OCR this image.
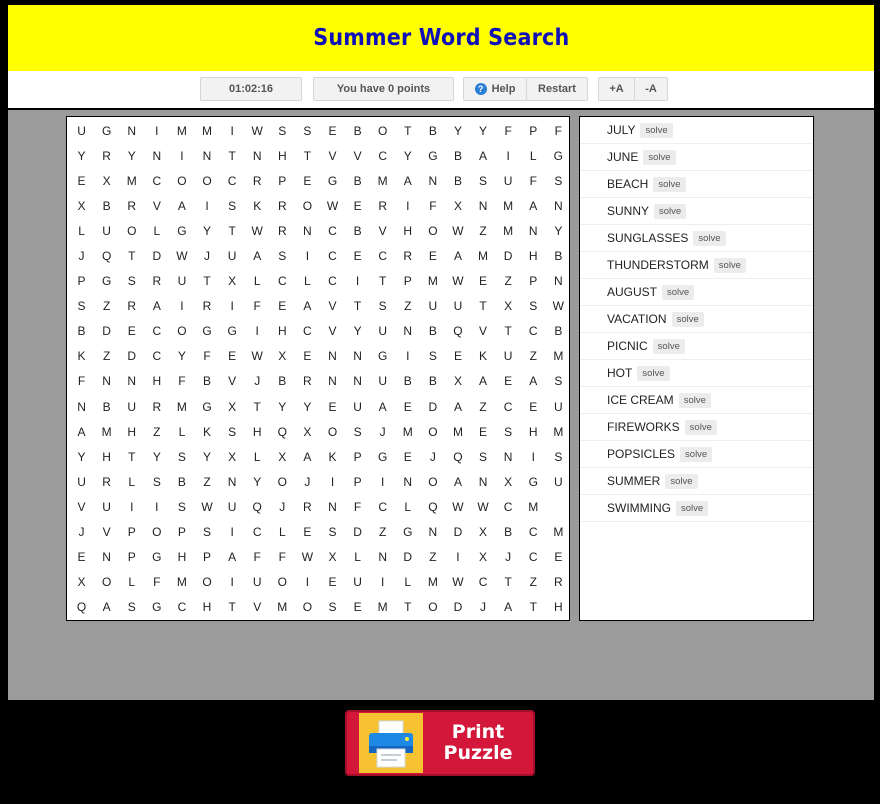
Summer Word Search
01:02:16	You have 0 points	? Help	Restart	+A	-A
U	G	N	I	M	M	I	W	S	S	E	B	O	T	B	Y	Y	F	P	F
Y	R	Y	N	I	N	T	N	H	T	V	V	C	Y	G	B	A	I	L	G
E	X	M	C	O	O	C	R	P	E	G	B	M	A	N	B	S	U	F	S
X	B	R	V	A	I	S	K	R	O	W	E	R	I	F	X	N	M	A	N
L	U	O	L	G	Y	T	W	R	N	C	B	V	H	O	W	Z	M	N	Y
J	Q	T	D	W	J	U	A	S	I	C	E	C	R	E	A	M	D	H	B
P	G	S	R	U	T	X	L	C	L	C	I	T	P	M	W	E	Z	P	N
S	Z	R	A	I	R	I	F	E	A	V	T	S	Z	U	U	T	X	S	W
B	D	E	C	O	G	G	I	H	C	V	Y	U	N	B	Q	V	T	C	B
K	Z	D	C	Y	F	E	W	X	E	N	N	G	I	S	E	K	U	Z	M
F	N	N	H	F	B	V	J	B	R	N	N	U	B	B	X	A	E	A	S
N	B	U	R	M	G	X	T	Y	Y	E	U	A	E	D	A	Z	C	E	U
A	M	H	Z	L	K	S	H	Q	X	O	S	J	M	O	M	E	S	H	M
Y	H	T	Y	S	Y	X	L	X	A	K	P	G	E	J	Q	S	N	I	S
U	R	L	S	B	Z	N	Y	O	J	I	P	I	N	O	A	N	X	G	U
V	U	I	I	S	W	U	Q	J	R	N	F	C	L	Q	W	W	C	M
J	V	P	O	P	S	I	C	L	E	S	D	Z	G	N	D	X	B	C	M
E	N	P	G	H	P	A	F	F	W	X	L	N	D	Z	I	X	J	C	E
X	O	L	F	M	O	I	U	O	I	E	U	I	L	M	W	C	T	Z	R
Q	A	S	G	C	H	T	V	M	O	S	E	M	T	O	D	J	A	T	H
JULY	solve
JUNE	solve
BEACH	solve
SUNNY	solve
SUNGLASSES	solve
THUNDERSTORM	solve
AUGUST	solve
VACATION	solve
PICNIC	solve
HOT	solve
ICE CREAM	solve
FIREWORKS	solve
POPSICLES	solve
SUMMER	solve
SWIMMING	solve
Print
Puzzle
